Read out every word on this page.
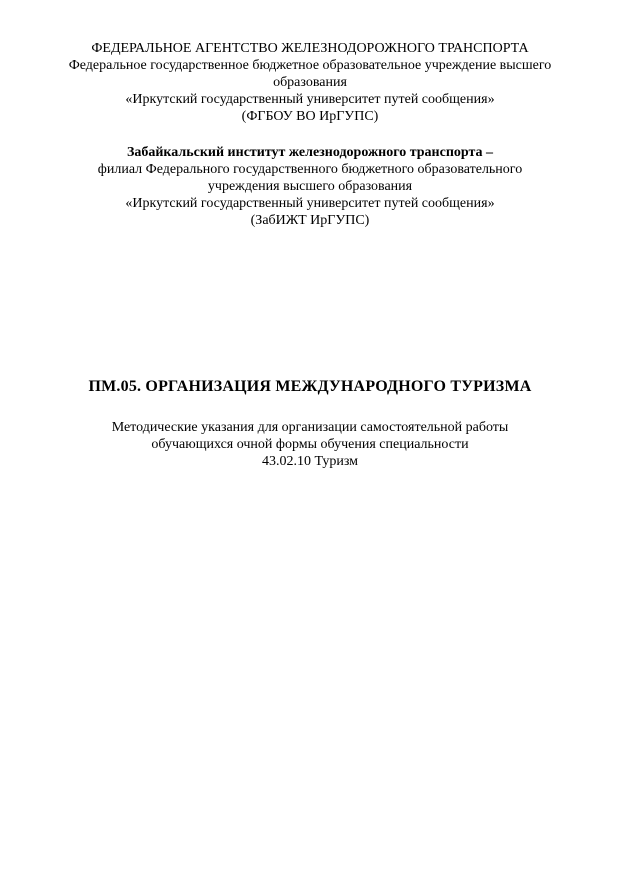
ФЕДЕРАЛЬНОЕ АГЕНТСТВО ЖЕЛЕЗНОДОРОЖНОГО ТРАНСПОРТА
Федеральное государственное бюджетное образовательное учреждение высшего
образования
«Иркутский государственный университет путей сообщения»
(ФГБОУ ВО ИрГУПС)
Забайкальский институт железнодорожного транспорта –
филиал Федерального государственного бюджетного образовательного
учреждения высшего образования
«Иркутский государственный университет путей сообщения»
(ЗабИЖТ ИрГУПС)
ПМ.05. ОРГАНИЗАЦИЯ МЕЖДУНАРОДНОГО ТУРИЗМА
Методические указания для организации самостоятельной работы
обучающихся очной формы обучения специальности
43.02.10 Туризм
